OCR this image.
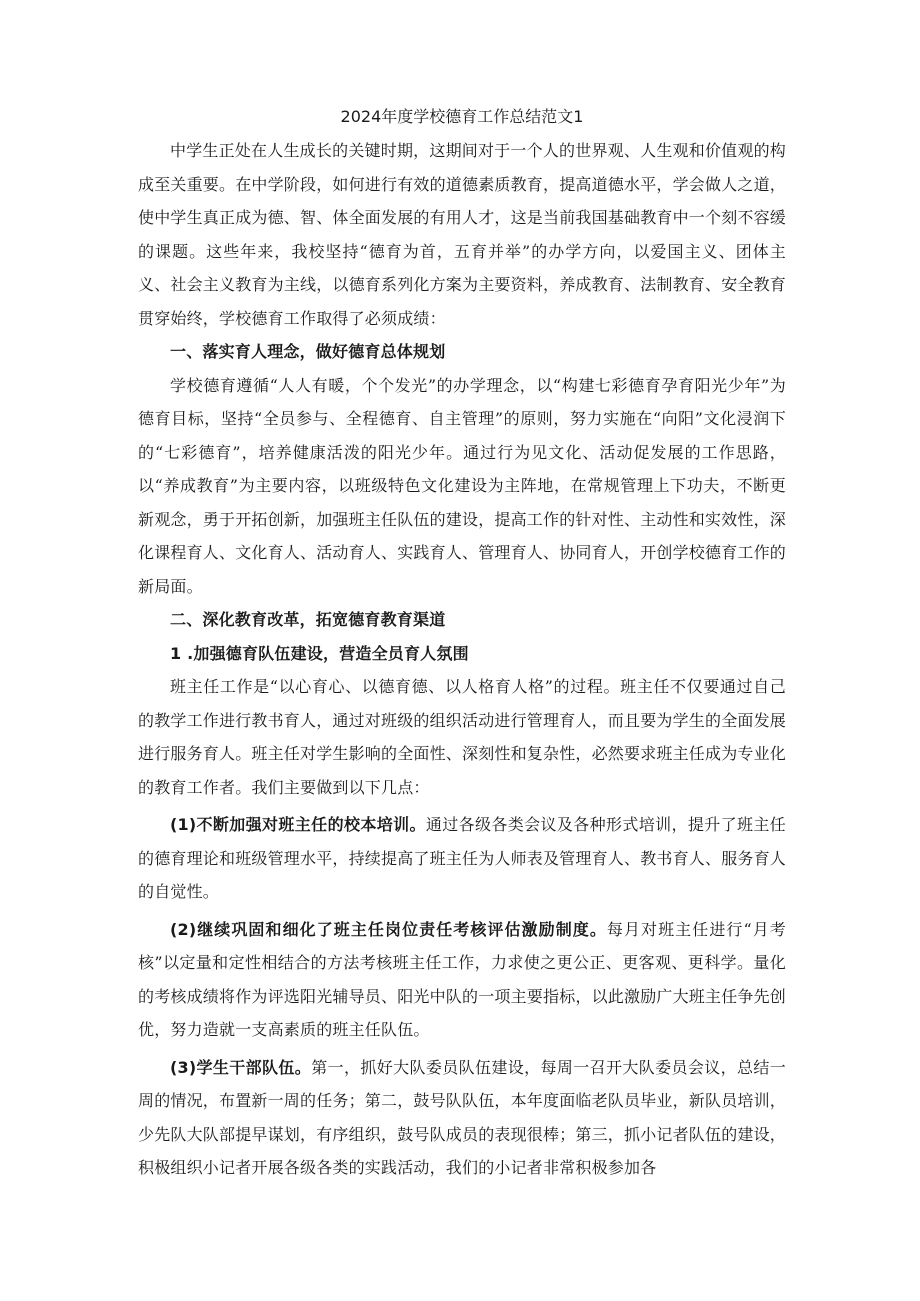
2024年度学校德育工作总结范文1

中学生正处在人生成长的关键时期，这期间对于一个人的世界观、人生观和价值观的构成至关重要。在中学阶段，如何进行有效的道德素质教育，提高道德水平，学会做人之道，使中学生真正成为德、智、体全面发展的有用人才，这是当前我国基础教育中一个刻不容缓的课题。这些年来，我校坚持“德育为首，五育并举”的办学方向，以爱国主义、团体主义、社会主义教育为主线，以德育系列化方案为主要资料，养成教育、法制教育、安全教育贯穿始终，学校德育工作取得了必须成绩：

一、落实育人理念，做好德育总体规划

学校德育遵循“人人有暖，个个发光”的办学理念，以“构建七彩德育孕育阳光少年”为德育目标，坚持“全员参与、全程德育、自主管理”的原则，努力实施在“向阳”文化浸润下的“七彩德育”，培养健康活泼的阳光少年。通过行为见文化、活动促发展的工作思路，以“养成教育”为主要内容，以班级特色文化建设为主阵地，在常规管理上下功夫，不断更新观念，勇于开拓创新，加强班主任队伍的建设，提高工作的针对性、主动性和实效性，深化课程育人、文化育人、活动育人、实践育人、管理育人、协同育人，开创学校德育工作的新局面。

二、深化教育改革，拓宽德育教育渠道

1 .加强德育队伍建设，营造全员育人氛围

班主任工作是“以心育心、以德育德、以人格育人格”的过程。班主任不仅要通过自己的教学工作进行教书育人，通过对班级的组织活动进行管理育人，而且要为学生的全面发展进行服务育人。班主任对学生影响的全面性、深刻性和复杂性，必然要求班主任成为专业化的教育工作者。我们主要做到以下几点：

(1)不断加强对班主任的校本培训。通过各级各类会议及各种形式培训，提升了班主任的德育理论和班级管理水平，持续提高了班主任为人师表及管理育人、教书育人、服务育人的自觉性。

(2)继续巩固和细化了班主任岗位责任考核评估激励制度。每月对班主任进行“月考核”以定量和定性相结合的方法考核班主任工作，力求使之更公正、更客观、更科学。量化的考核成绩将作为评选阳光辅导员、阳光中队的一项主要指标，以此激励广大班主任争先创优，努力造就一支高素质的班主任队伍。

(3)学生干部队伍。第一，抓好大队委员队伍建设，每周一召开大队委员会议，总结一周的情况，布置新一周的任务；第二，鼓号队队伍，本年度面临老队员毕业，新队员培训，少先队大队部提早谋划，有序组织，鼓号队成员的表现很棒；第三，抓小记者队伍的建设，积极组织小记者开展各级各类的实践活动，我们的小记者非常积极参加各
